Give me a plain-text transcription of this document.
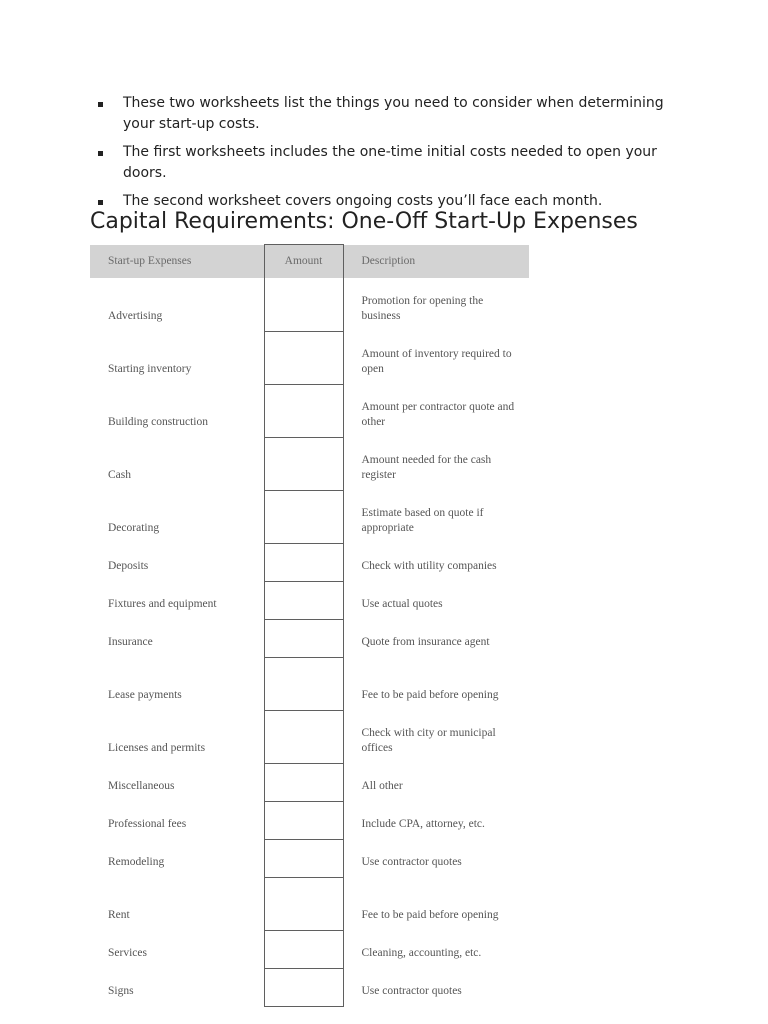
These two worksheets list the things you need to consider when determining your start-up costs.
The first worksheets includes the one-time initial costs needed to open your doors.
The second worksheet covers ongoing costs you’ll face each month.
Capital Requirements: One-Off Start-Up Expenses
Start-up Expenses	Amount	Description
Advertising		Promotion for opening the business
Starting inventory		Amount of inventory required to open
Building construction		Amount per contractor quote and other
Cash		Amount needed for the cash register
Decorating		Estimate based on quote if appropriate
Deposits		Check with utility companies
Fixtures and equipment		Use actual quotes
Insurance		Quote from insurance agent
Lease payments		Fee to be paid before opening
Licenses and permits		Check with city or municipal offices
Miscellaneous		All other
Professional fees		Include CPA, attorney, etc.
Remodeling		Use contractor quotes
Rent		Fee to be paid before opening
Services		Cleaning, accounting, etc.
Signs		Use contractor quotes
